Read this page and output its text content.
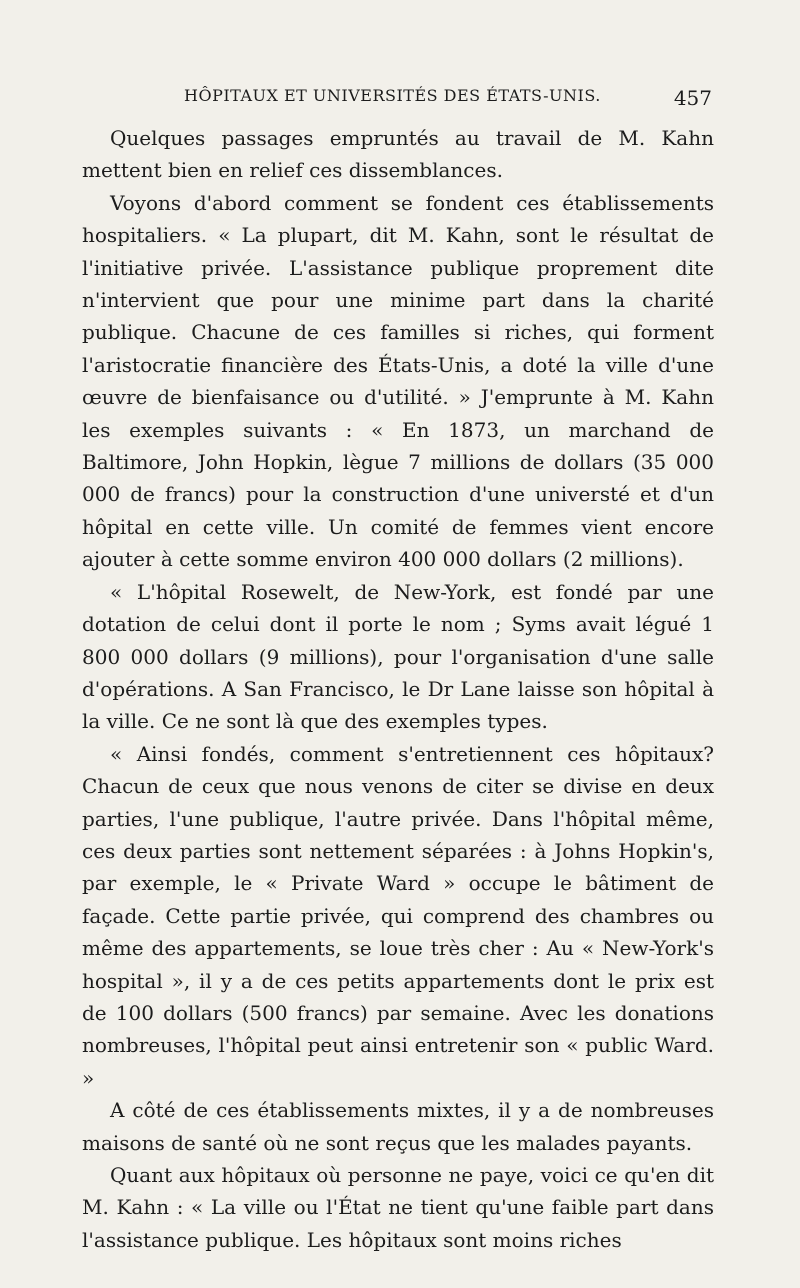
HÔPITAUX ET UNIVERSITÉS DES ÉTATS-UNIS.	457

Quelques passages empruntés au travail de M. Kahn mettent bien en relief ces dissemblances.

Voyons d'abord comment se fondent ces établissements hospitaliers. « La plupart, dit M. Kahn, sont le résultat de l'initiative privée. L'assistance publique proprement dite n'intervient que pour une minime part dans la charité publique. Chacune de ces familles si riches, qui forment l'aristocratie financière des États-Unis, a doté la ville d'une œuvre de bienfaisance ou d'utilité. » J'emprunte à M. Kahn les exemples suivants : « En 1873, un marchand de Baltimore, John Hopkin, lègue 7 millions de dollars (35 000 000 de francs) pour la construction d'une universté et d'un hôpital en cette ville. Un comité de femmes vient encore ajouter à cette somme environ 400 000 dollars (2 millions).

« L'hôpital Rosewelt, de New-York, est fondé par une dotation de celui dont il porte le nom ; Syms avait légué 1 800 000 dollars (9 millions), pour l'organisation d'une salle d'opérations. A San Francisco, le Dr Lane laisse son hôpital à la ville. Ce ne sont là que des exemples types.

« Ainsi fondés, comment s'entretiennent ces hôpitaux? Chacun de ceux que nous venons de citer se divise en deux parties, l'une publique, l'autre privée. Dans l'hôpital même, ces deux parties sont nettement séparées : à Johns Hopkin's, par exemple, le « Private Ward » occupe le bâtiment de façade. Cette partie privée, qui comprend des chambres ou même des appartements, se loue très cher : Au « New-York's hospital », il y a de ces petits appartements dont le prix est de 100 dollars (500 francs) par semaine. Avec les donations nombreuses, l'hôpital peut ainsi entretenir son « public Ward. »

A côté de ces établissements mixtes, il y a de nombreuses maisons de santé où ne sont reçus que les malades payants.

Quant aux hôpitaux où personne ne paye, voici ce qu'en dit M. Kahn : « La ville ou l'État ne tient qu'une faible part dans l'assistance publique. Les hôpitaux sont moins riches
